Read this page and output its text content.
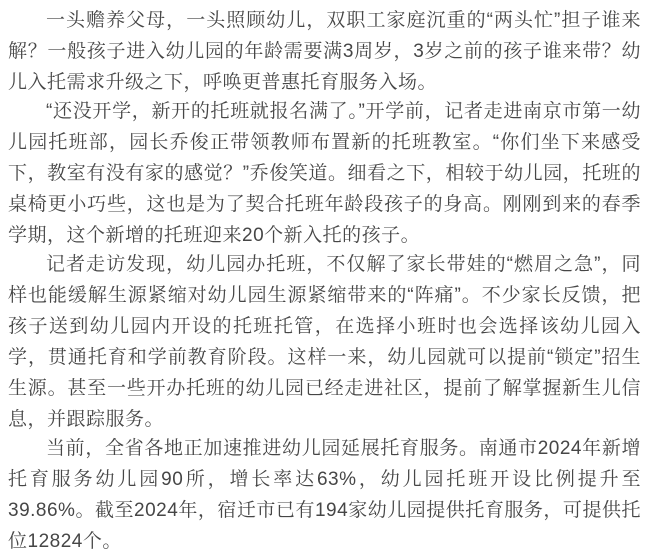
一头赡养父母，一头照顾幼儿，双职工家庭沉重的“两头忙”担子谁来解？一般孩子进入幼儿园的年龄需要满3周岁，3岁之前的孩子谁来带？幼儿入托需求升级之下，呼唤更普惠托育服务入场。

“还没开学，新开的托班就报名满了。”开学前，记者走进南京市第一幼儿园托班部，园长乔俊正带领教师布置新的托班教室。“你们坐下来感受下，教室有没有家的感觉？”乔俊笑道。细看之下，相较于幼儿园，托班的桌椅更小巧些，这也是为了契合托班年龄段孩子的身高。刚刚到来的春季学期，这个新增的托班迎来20个新入托的孩子。

记者走访发现，幼儿园办托班，不仅解了家长带娃的“燃眉之急”，同样也能缓解生源紧缩对幼儿园生源紧缩带来的“阵痛”。不少家长反馈，把孩子送到幼儿园内开设的托班托管，在选择小班时也会选择该幼儿园入学，贯通托育和学前教育阶段。这样一来，幼儿园就可以提前“锁定”招生生源。甚至一些开办托班的幼儿园已经走进社区，提前了解掌握新生儿信息，并跟踪服务。

当前，全省各地正加速推进幼儿园延展托育服务。南通市2024年新增托育服务幼儿园90所，增长率达63%，幼儿园托班开设比例提升至39.86%。截至2024年，宿迁市已有194家幼儿园提供托育服务，可提供托位12824个。
